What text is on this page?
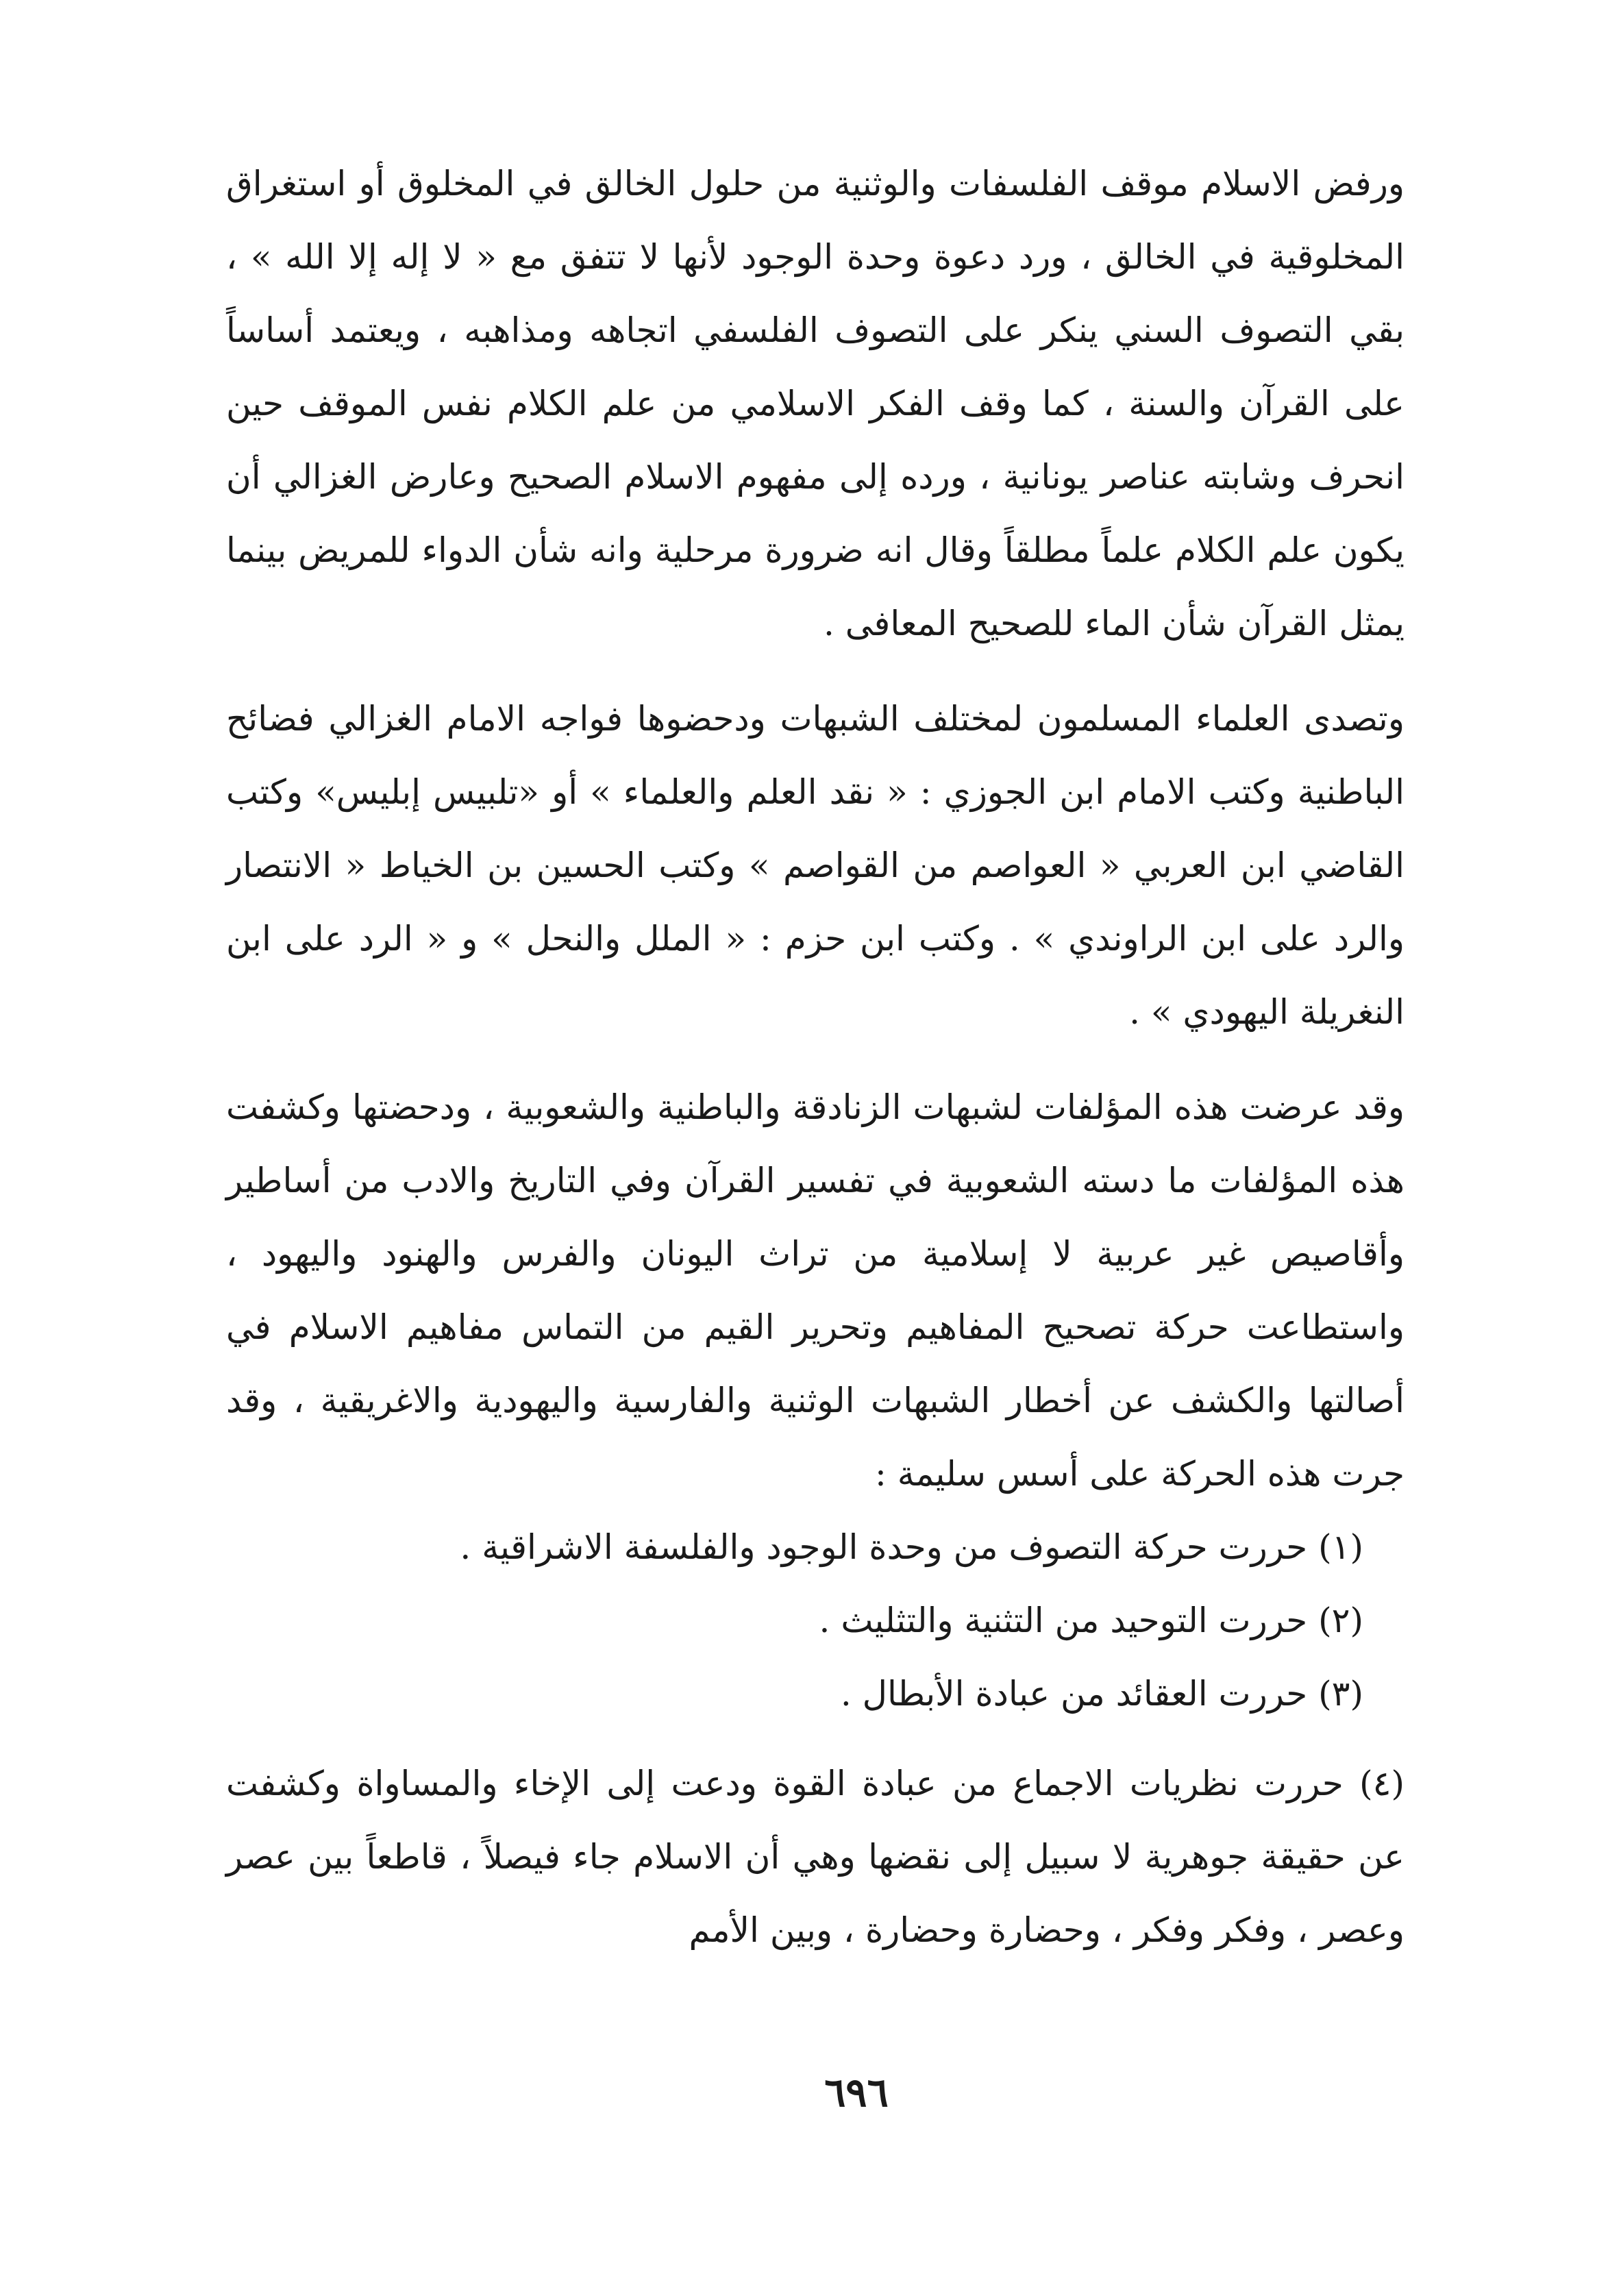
ورفض الاسلام موقف الفلسفات والوثنية من حلول الخالق في المخلوق أو استغراق المخلوقية في الخالق ، ورد دعوة وحدة الوجود لأنها لا تتفق مع « لا إله إلا الله » ، بقي التصوف السني ينكر على التصوف الفلسفي اتجاهه ومذاهبه ، ويعتمد أساساً على القرآن والسنة ، كما وقف الفكر الاسلامي من علم الكلام نفس الموقف حين انحرف وشابته عناصر يونانية ، ورده إلى مفهوم الاسلام الصحيح وعارض الغزالي أن يكون علم الكلام علماً مطلقاً وقال انه ضرورة مرحلية وانه شأن الدواء للمريض بينما يمثل القرآن شأن الماء للصحيح المعافى .

وتصدى العلماء المسلمون لمختلف الشبهات ودحضوها فواجه الامام الغزالي فضائح الباطنية وكتب الامام ابن الجوزي : « نقد العلم والعلماء » أو «تلبيس إبليس» وكتب القاضي ابن العربي « العواصم من القواصم » وكتب الحسين بن الخياط « الانتصار والرد على ابن الراوندي » . وكتب ابن حزم : « الملل والنحل » و « الرد على ابن النغريلة اليهودي » .

وقد عرضت هذه المؤلفات لشبهات الزنادقة والباطنية والشعوبية ، ودحضتها وكشفت هذه المؤلفات ما دسته الشعوبية في تفسير القرآن وفي التاريخ والادب من أساطير وأقاصيص غير عربية لا إسلامية من تراث اليونان والفرس والهنود واليهود ، واستطاعت حركة تصحيح المفاهيم وتحرير القيم من التماس مفاهيم الاسلام في أصالتها والكشف عن أخطار الشبهات الوثنية والفارسية واليهودية والاغريقية ، وقد جرت هذه الحركة على أسس سليمة :

(١) حررت حركة التصوف من وحدة الوجود والفلسفة الاشراقية .

(٢) حررت التوحيد من التثنية والتثليث .

(٣) حررت العقائد من عبادة الأبطال .

(٤) حررت نظريات الاجماع من عبادة القوة ودعت إلى الإخاء والمساواة وكشفت عن حقيقة جوهرية لا سبيل إلى نقضها وهي أن الاسلام جاء فيصلاً ، قاطعاً بين عصر وعصر ، وفكر وفكر ، وحضارة وحضارة ، وبين الأمم

٦٩٦
